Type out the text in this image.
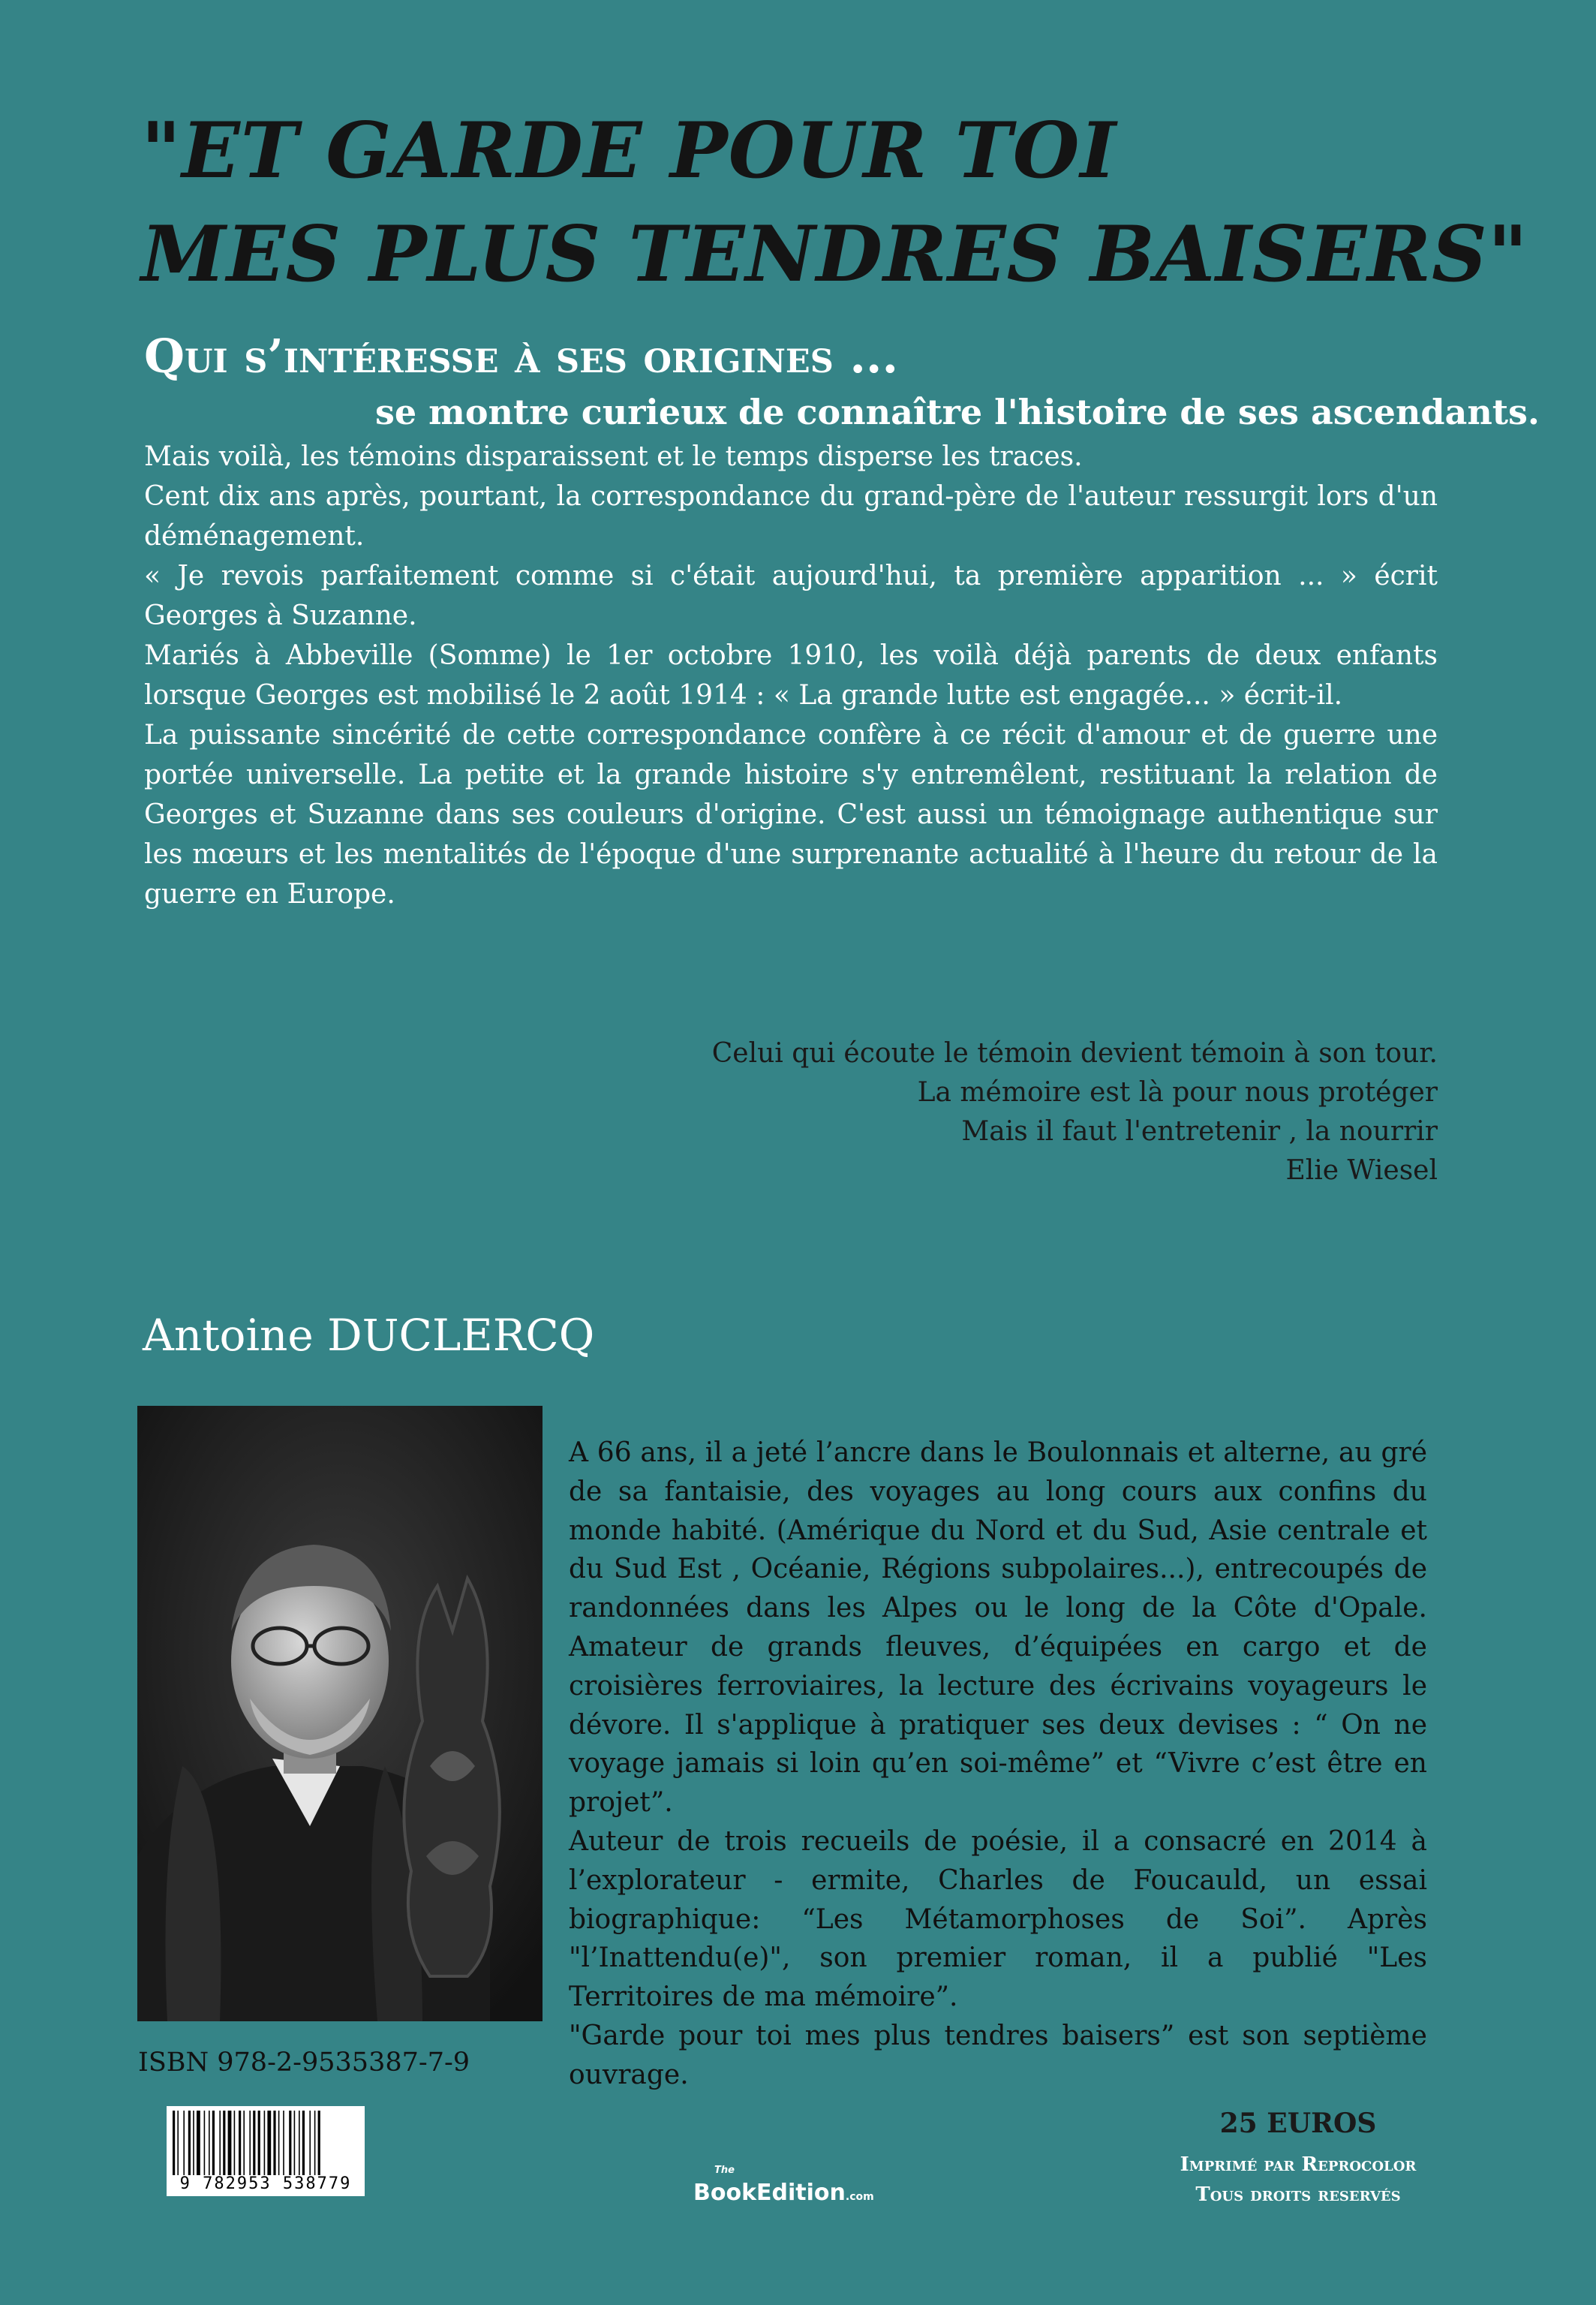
"ET GARDE POUR TOI
MES PLUS TENDRES BAISERS"
Qui s’intéresse à ses origines ...
se montre curieux de connaître l'histoire de ses ascendants.

Mais voilà, les témoins disparaissent et le temps disperse les traces.

Cent dix ans après, pourtant, la correspondance du grand-père de l'auteur ressurgit lors d'un déménagement.

« Je revois parfaitement comme si c'était aujourd'hui, ta première apparition ... » écrit Georges à Suzanne.

Mariés à Abbeville (Somme) le 1er octobre 1910, les voilà déjà parents de deux enfants lorsque Georges est mobilisé le 2 août 1914 : « La grande lutte est engagée... » écrit-il.

La puissante sincérité de cette correspondance confère à ce récit d'amour et de guerre une portée universelle. La petite et la grande histoire s'y entremêlent, restituant la relation de Georges et Suzanne dans ses couleurs d'origine. C'est aussi un témoignage authentique sur les mœurs et les mentalités de l'époque d'une surprenante actualité à l'heure du retour de la guerre en Europe.

Celui qui écoute le témoin devient témoin à son tour.
La mémoire est là pour nous protéger
Mais il faut l'entretenir , la nourrir
Elie Wiesel
Antoine DUCLERCQ

A 66 ans, il a jeté l’ancre dans le Boulonnais et alterne, au gré de sa fantaisie, des voyages au long cours aux confins du monde habité. (Amérique du Nord et du Sud, Asie centrale et du Sud Est , Océanie, Régions subpolaires...), entrecoupés de randonnées dans les Alpes ou le long de la Côte d'Opale. Amateur de grands fleuves, d’équipées en cargo et de croisières ferroviaires, la lecture des écrivains voyageurs le dévore. Il s'applique à pratiquer ses deux devises : “ On ne voyage jamais si loin qu’en soi-même” et “Vivre c’est être en projet”.

Auteur de trois recueils de poésie, il a consacré en 2014 à l’explorateur - ermite, Charles de Foucauld, un essai biographique: “Les Métamorphoses de Soi”. Après "l’Inattendu(e)", son premier roman, il a publié "Les Territoires de ma mémoire”.

"Garde pour toi mes plus tendres baisers” est son septième ouvrage.

ISBN 978-2-9535387-7-9
9 782953 538779
The
BookEdition.com
25 EUROS
Imprimé par Reprocolor
Tous droits reservés
